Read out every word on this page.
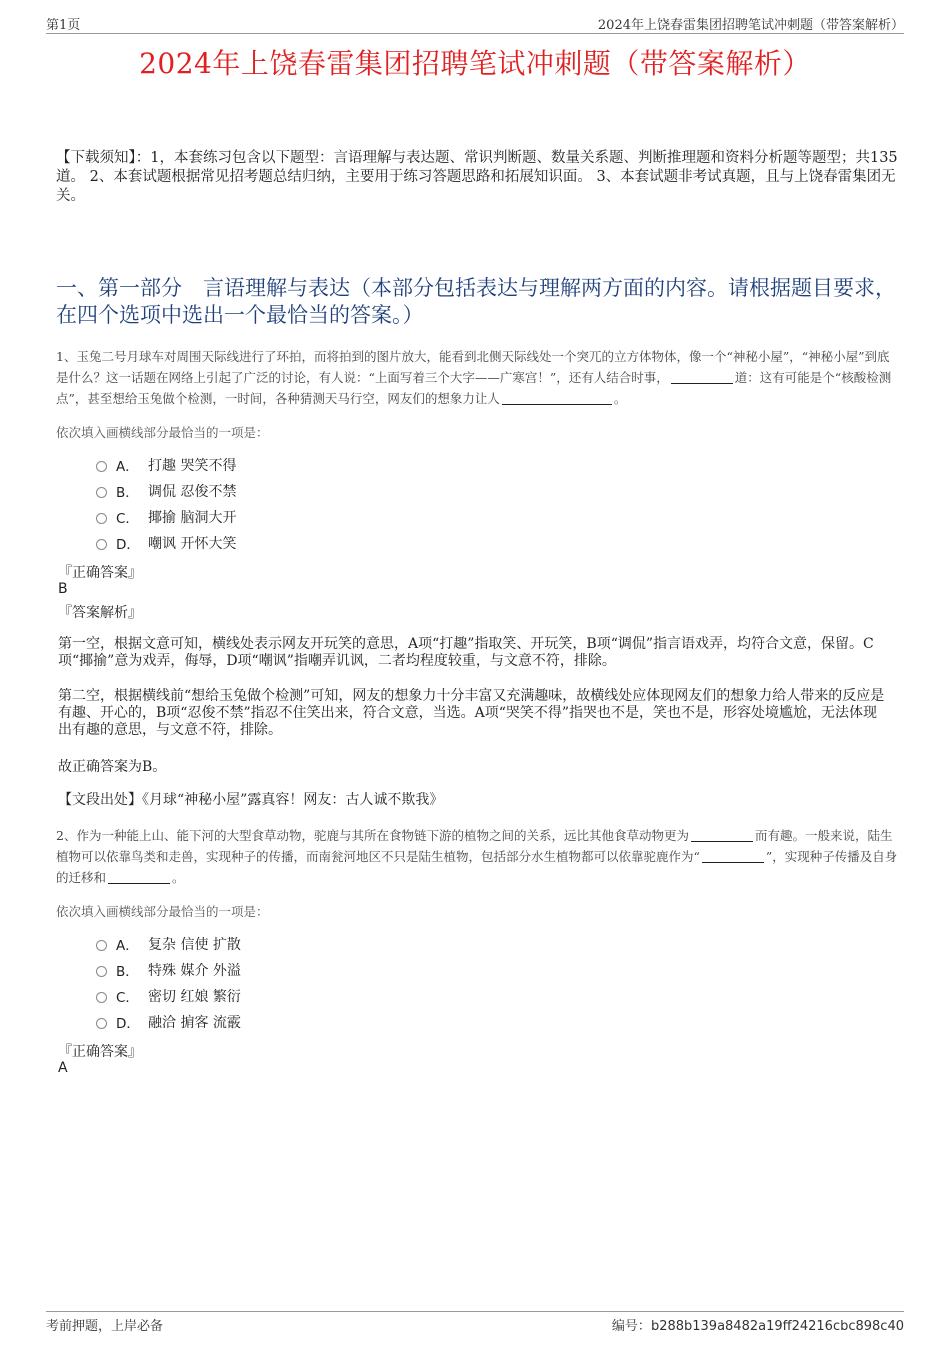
第1页	2024年上饶春雷集团招聘笔试冲刺题（带答案解析）
2024年上饶春雷集团招聘笔试冲刺题（带答案解析）
【下载须知】：1，本套练习包含以下题型：言语理解与表达题、常识判断题、数量关系题、判断推理题和资料分析题等题型；共135道。 2、本套试题根据常见招考题总结归纳，主要用于练习答题思路和拓展知识面。 3、本套试题非考试真题，且与上饶春雷集团无关。
一、第一部分　言语理解与表达（本部分包括表达与理解两方面的内容。请根据题目要求，在四个选项中选出一个最恰当的答案。）
1、玉兔二号月球车对周围天际线进行了环拍，而将拍到的图片放大，能看到北侧天际线处一个突兀的立方体物体，像一个“神秘小屋”，“神秘小屋”到底是什么？这一话题在网络上引起了广泛的讨论，有人说：“上面写着三个大字——广寒宫！”，还有人结合时事，	道：这有可能是个“核酸检测点”，甚至想给玉兔做个检测，一时间，各种猜测天马行空，网友们的想象力让人	。
依次填入画横线部分最恰当的一项是：
A． 打趣 哭笑不得
B． 调侃 忍俊不禁
C． 揶揄 脑洞大开
D． 嘲讽 开怀大笑
『正确答案』
B
『答案解析』
第一空，根据文意可知，横线处表示网友开玩笑的意思，A项“打趣”指取笑、开玩笑，B项“调侃”指言语戏弄，均符合文意，保留。C项“揶揄”意为戏弄，侮辱，D项“嘲讽”指嘲弄讥讽，二者均程度较重，与文意不符，排除。
第二空，根据横线前“想给玉兔做个检测”可知，网友的想象力十分丰富又充满趣味，故横线处应体现网友们的想象力给人带来的反应是有趣、开心的，B项“忍俊不禁”指忍不住笑出来，符合文意，当选。A项“哭笑不得”指哭也不是，笑也不是，形容处境尴尬，无法体现出有趣的意思，与文意不符，排除。
故正确答案为B。
【文段出处】《月球“神秘小屋”露真容！网友：古人诚不欺我》
2、作为一种能上山、能下河的大型食草动物，驼鹿与其所在食物链下游的植物之间的关系，远比其他食草动物更为	而有趣。一般来说，陆生植物可以依靠鸟类和走兽，实现种子的传播，而南瓮河地区不只是陆生植物，包括部分水生植物都可以依靠驼鹿作为“	”，实现种子传播及自身的迁移和	。
依次填入画横线部分最恰当的一项是：
A． 复杂 信使 扩散
B． 特殊 媒介 外溢
C． 密切 红娘 繁衍
D． 融洽 掮客 流霰
『正确答案』
A
考前押题，上岸必备	编号：b288b139a8482a19ff24216cbc898c40
